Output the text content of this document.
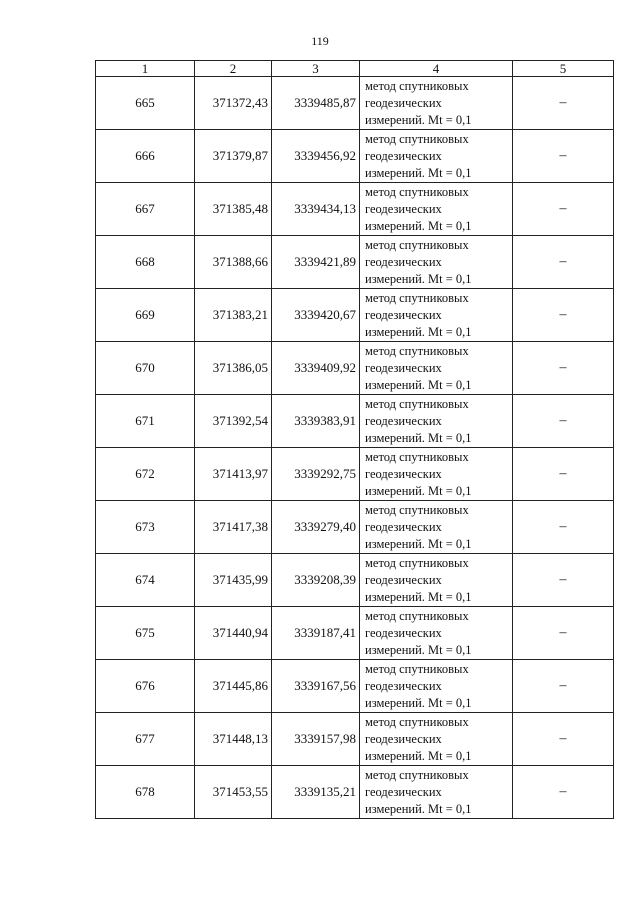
119
1	2	3	4	5
665	371372,43	3339485,87	метод спутниковых
геодезических
измерений. Mt = 0,1	–
666	371379,87	3339456,92	метод спутниковых
геодезических
измерений. Mt = 0,1	–
667	371385,48	3339434,13	метод спутниковых
геодезических
измерений. Mt = 0,1	–
668	371388,66	3339421,89	метод спутниковых
геодезических
измерений. Mt = 0,1	–
669	371383,21	3339420,67	метод спутниковых
геодезических
измерений. Mt = 0,1	–
670	371386,05	3339409,92	метод спутниковых
геодезических
измерений. Mt = 0,1	–
671	371392,54	3339383,91	метод спутниковых
геодезических
измерений. Mt = 0,1	–
672	371413,97	3339292,75	метод спутниковых
геодезических
измерений. Mt = 0,1	–
673	371417,38	3339279,40	метод спутниковых
геодезических
измерений. Mt = 0,1	–
674	371435,99	3339208,39	метод спутниковых
геодезических
измерений. Mt = 0,1	–
675	371440,94	3339187,41	метод спутниковых
геодезических
измерений. Mt = 0,1	–
676	371445,86	3339167,56	метод спутниковых
геодезических
измерений. Mt = 0,1	–
677	371448,13	3339157,98	метод спутниковых
геодезических
измерений. Mt = 0,1	–
678	371453,55	3339135,21	метод спутниковых
геодезических
измерений. Mt = 0,1	–
